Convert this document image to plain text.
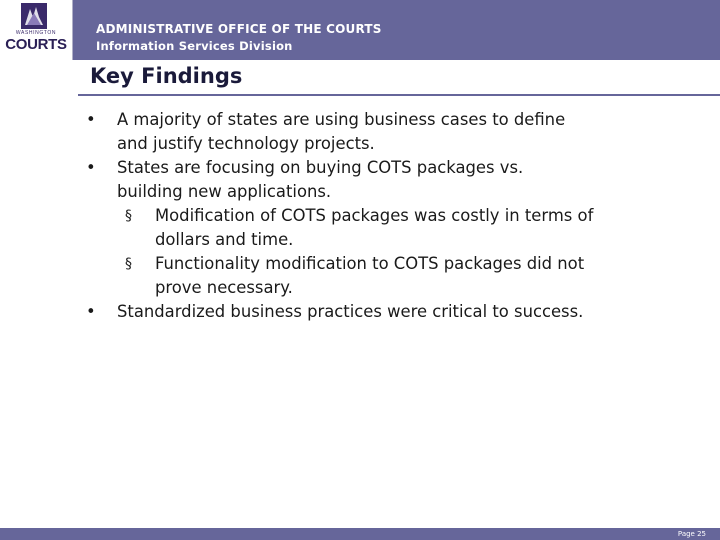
WASHINGTON
COURTS
ADMINISTRATIVE OFFICE OF THE COURTS
Information Services Division
Key Findings
• A majority of states are using business cases to define
and justify technology projects.
• States are focusing on buying COTS packages vs.
building new applications.
§ Modification of COTS packages was costly in terms of
dollars and time.
§ Functionality modification to COTS packages did not
prove necessary.
• Standardized business practices were critical to success.
Page 25
